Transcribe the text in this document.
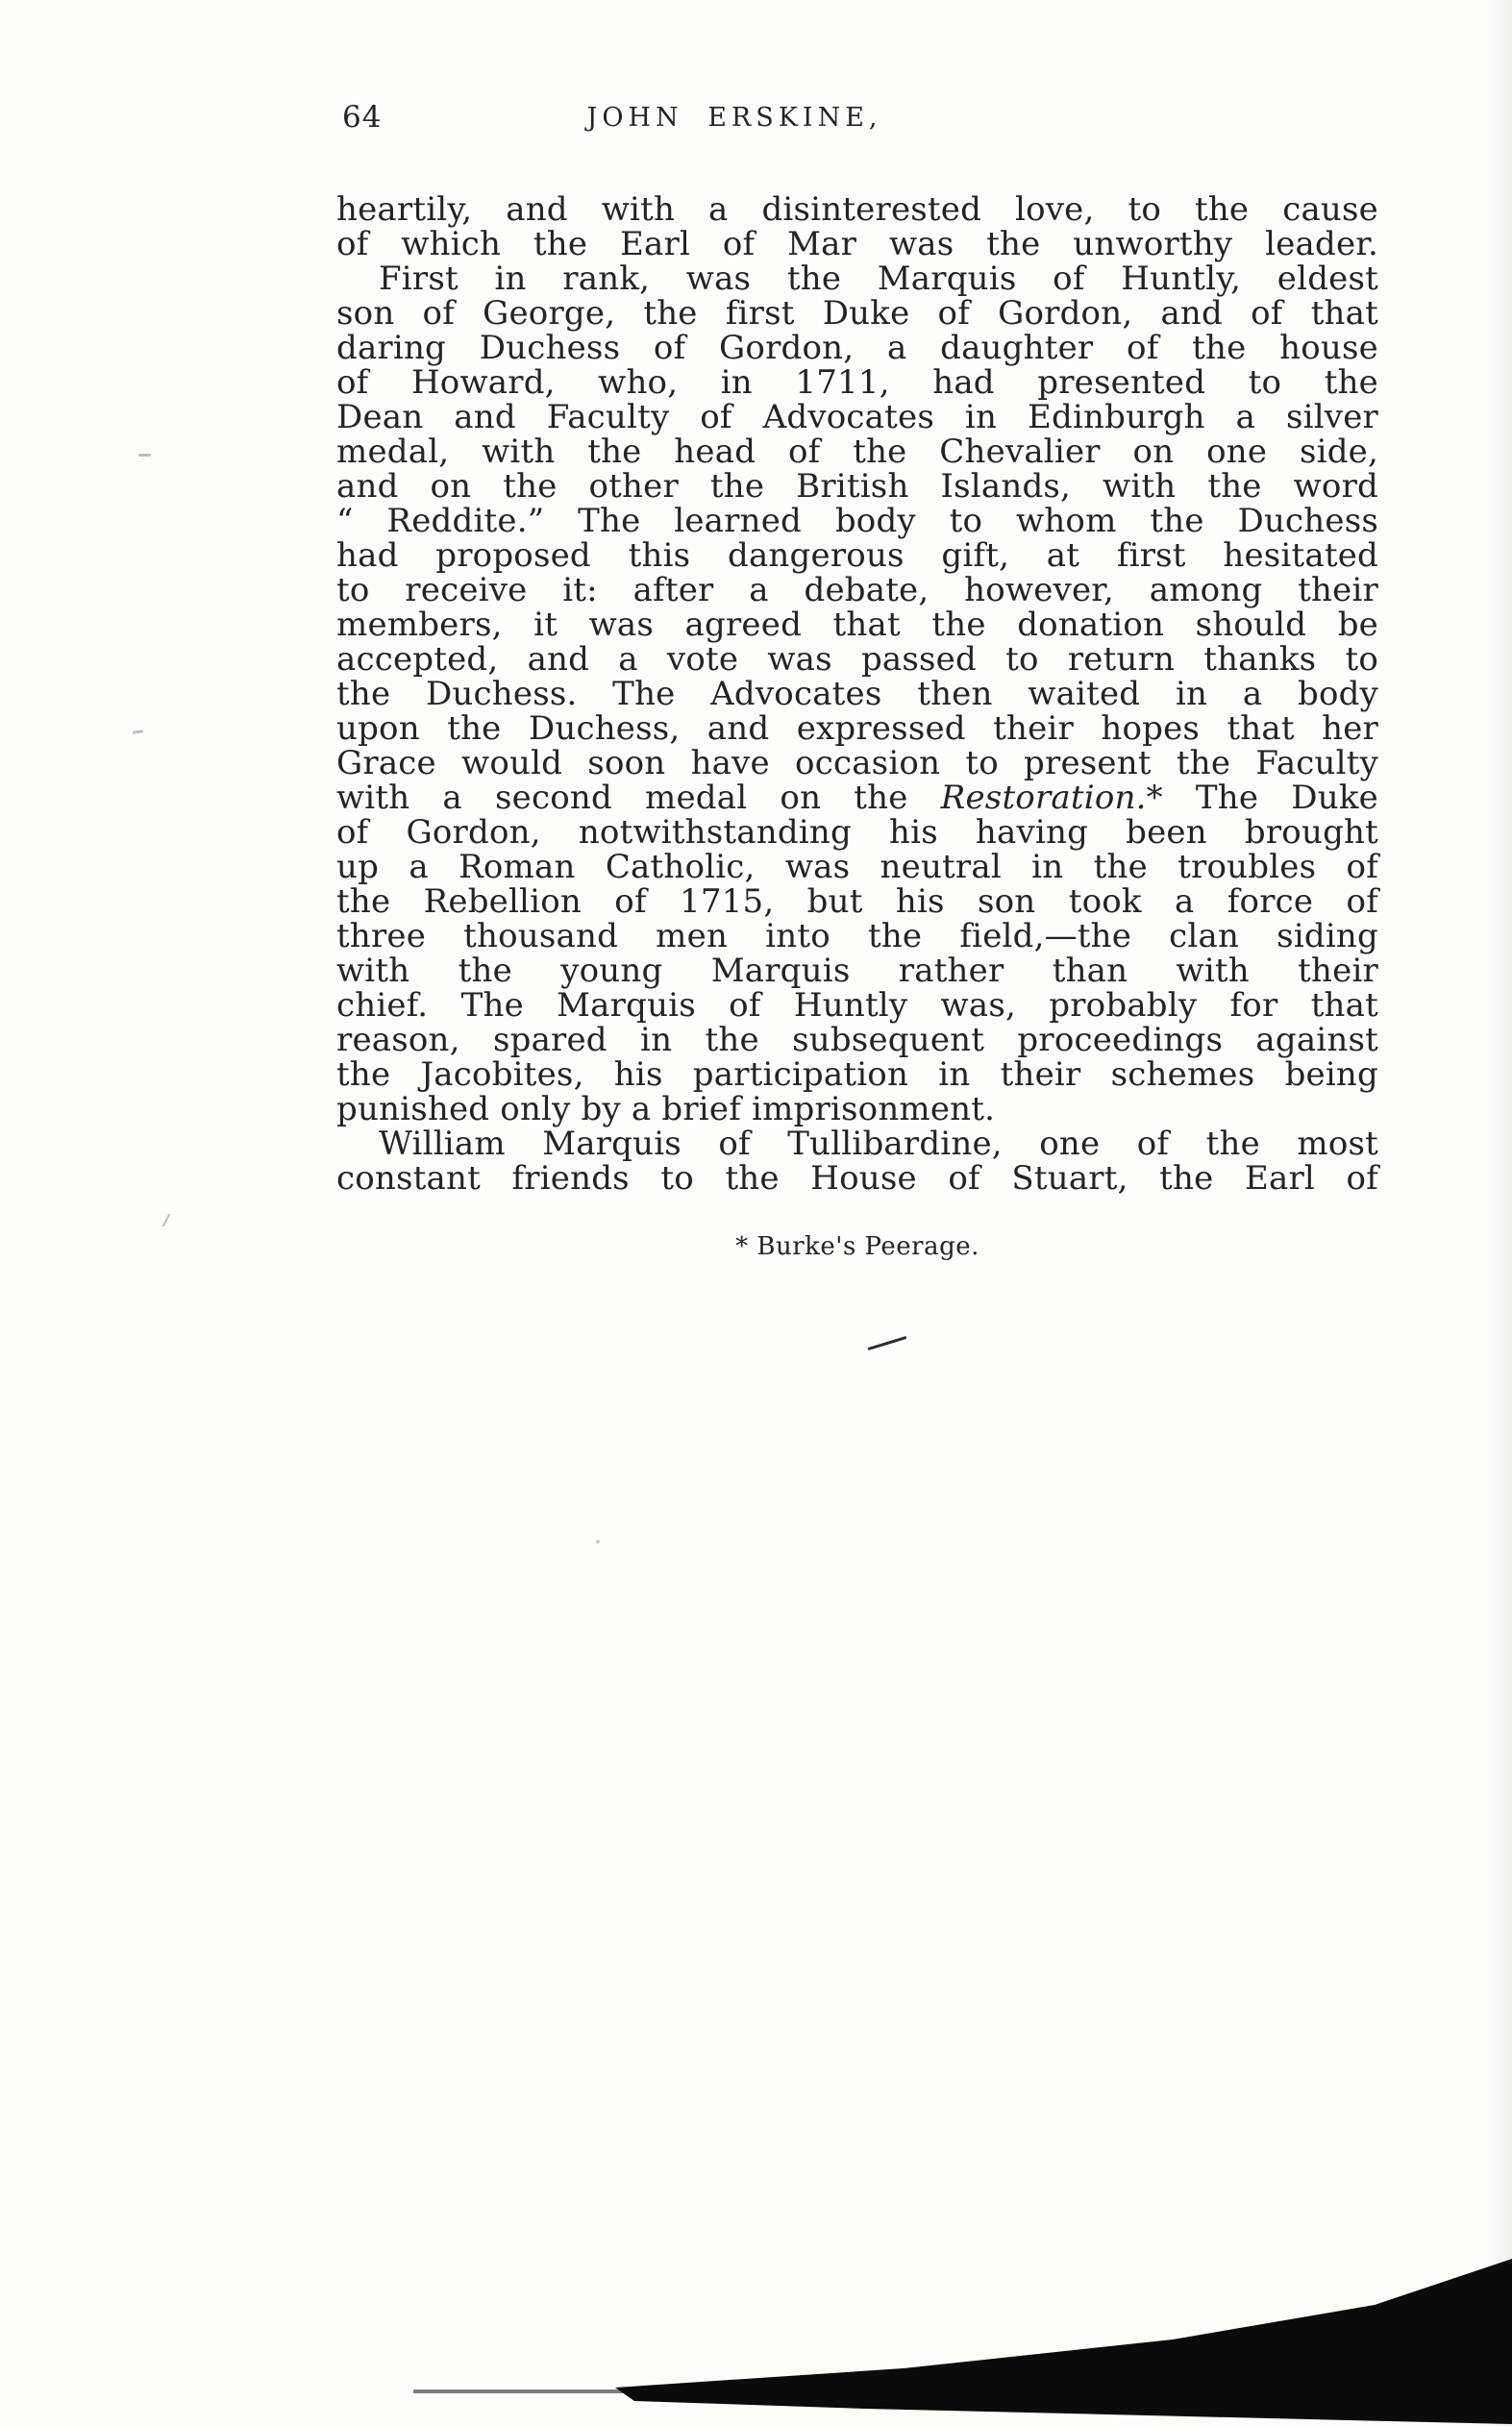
64	JOHN ERSKINE,
heartily, and with a disinterested love, to the cause
of which the Earl of Mar was the unworthy leader.
First in rank, was the Marquis of Huntly, eldest
son of George, the first Duke of Gordon, and of that
daring Duchess of Gordon, a daughter of the house
of Howard, who, in 1711, had presented to the
Dean and Faculty of Advocates in Edinburgh a silver
medal, with the head of the Chevalier on one side,
and on the other the British Islands, with the word
“ Reddite.” The learned body to whom the Duchess
had proposed this dangerous gift, at first hesitated
to receive it: after a debate, however, among their
members, it was agreed that the donation should be
accepted, and a vote was passed to return thanks to
the Duchess. The Advocates then waited in a body
upon the Duchess, and expressed their hopes that her
Grace would soon have occasion to present the Faculty
with a second medal on the Restoration.* The Duke
of Gordon, notwithstanding his having been brought
up a Roman Catholic, was neutral in the troubles of
the Rebellion of 1715, but his son took a force of
three thousand men into the field,—the clan siding
with the young Marquis rather than with their
chief. The Marquis of Huntly was, probably for that
reason, spared in the subsequent proceedings against
the Jacobites, his participation in their schemes being
punished only by a brief imprisonment.
William Marquis of Tullibardine, one of the most
constant friends to the House of Stuart, the Earl of
* Burke's Peerage.
